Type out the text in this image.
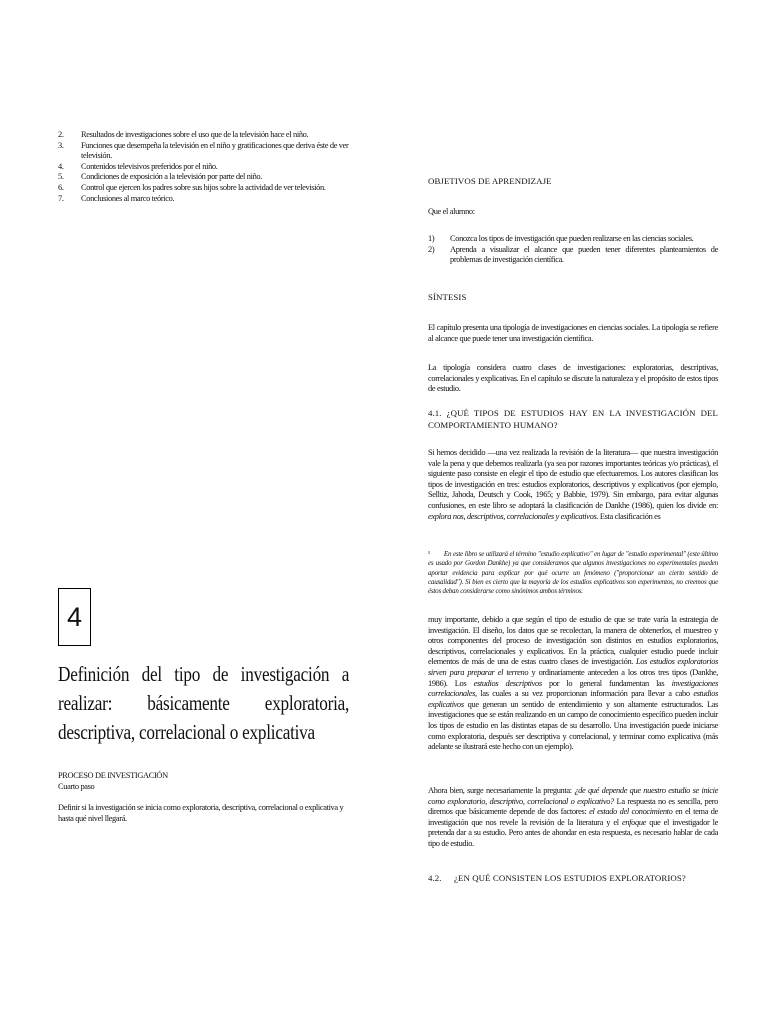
2.	Resultados de investigaciones sobre el uso que de la televisión hace el niño.
3.	Funciones que desempeña la televisión en el niño y gratificaciones que deriva éste de ver televisión.
4.	Contenidos televisivos preferidos por el niño.
5.	Condiciones de exposición a la televisión por parte del niño.
6.	Control que ejercen los padres sobre sus hijos sobre la actividad de ver televisión.
7.	Conclusiones al marco teórico.
4
Definición del tipo de investigación a realizar: básicamente exploratoria, descriptiva, correlacional o explicativa
PROCESO DE INVESTIGACIÓN
Cuarto paso
Definir si la investigación se inicia como exploratoria, descriptiva, correlacional o explicativa y hasta qué nivel llegará.
OBJETIVOS DE APRENDIZAJE
Que el alumno:
1)	Conozca los tipos de investigación que pueden realizarse en las ciencias sociales.
2)	Aprenda a visualizar el alcance que pueden tener diferentes planteamientos de problemas de investigación científica.
SÍNTESIS
El capítulo presenta una tipología de investigaciones en ciencias sociales. La tipología se refiere al alcance que puede tener una investigación científica.
La tipología considera cuatro clases de investigaciones: exploratorias, descriptivas, correlacionales y explicativas. En el capítulo se discute la naturaleza y el propósito de estos tipos de estudio.
4.1. ¿QUÉ TIPOS DE ESTUDIOS HAY EN LA INVESTIGACIÓN DEL COMPORTAMIENTO HUMANO?
Si hemos decidido —una vez realizada la revisión de la literatura— que nuestra investigación vale la pena y que debemos realizarla (ya sea por razones importantes teóricas y/o prácticas), el siguiente paso consiste en elegir el tipo de estudio que efectuaremos. Los autores clasifican los tipos de investigación en tres: estudios exploratorios, descriptivos y explicativos (por ejemplo, Selltiz, Jahoda, Deutsch y Cook, 1965; y Babbie, 1979). Sin embargo, para evitar algunas confusiones, en este libro se adoptará la clasificación de Dankhe (1986), quien los divide en: explora nos, descriptivos, correlacionales y explicativos. Esta clasificación es
¹ En este libro se utilizará el término "estudio explicativo" en lugar de "estudio experimental" (este último es usado por Gordon Dankhe) ya que consideramos que algunos investigaciones no experimentales pueden aportar evidencia para explicar por qué ocurre un fenómeno ("proporcionar un cierto sentido de causalidad"). Si bien es cierto que la mayoría de los estudios explicativos son experimentos, no creemos que éstos deban considerarse como sinónimos ambos términos.
muy importante, debido a que según el tipo de estudio de que se trate varía la estrategia de investigación. El diseño, los datos que se recolectan, la manera de obtenerlos, el muestreo y otros componentes del proceso de investigación son distintos en estudios exploratorios, descriptivos, correlacionales y explicativos. En la práctica, cualquier estudio puede incluir elementos de más de una de estas cuatro clases de investigación. Los estudios exploratorios sirven para preparar el terreno y ordinariamente anteceden a los otros tres tipos (Dankhe, 1986). Los estudios descriptivos por lo general fundamentan las investigaciones correlacionales, las cuales a su vez proporcionan información para llevar a cabo estudios explicativos que generan un sentido de entendimiento y son altamente estructurados. Las investigaciones que se están realizando en un campo de conocimiento específico pueden incluir los tipos de estudio en las distintas etapas de su desarrollo. Una investigación puede iniciarse como exploratoria, después ser descriptiva y correlacional, y terminar como explicativa (más adelante se ilustrará este hecho con un ejemplo).
Ahora bien, surge necesariamente la pregunta: ¿de qué depende que nuestro estudio se inicie como exploratorio, descriptivo, correlacional o explicativo? La respuesta no es sencilla, pero diremos que básicamente depende de dos factores: el estado del conocimiento en el tema de investigación que nos revele la revisión de la literatura y el enfoque que el investigador le pretenda dar a su estudio. Pero antes de ahondar en esta respuesta, es necesario hablar de cada tipo de estudio.
4.2.	¿EN QUÉ CONSISTEN LOS ESTUDIOS EXPLORATORIOS?
